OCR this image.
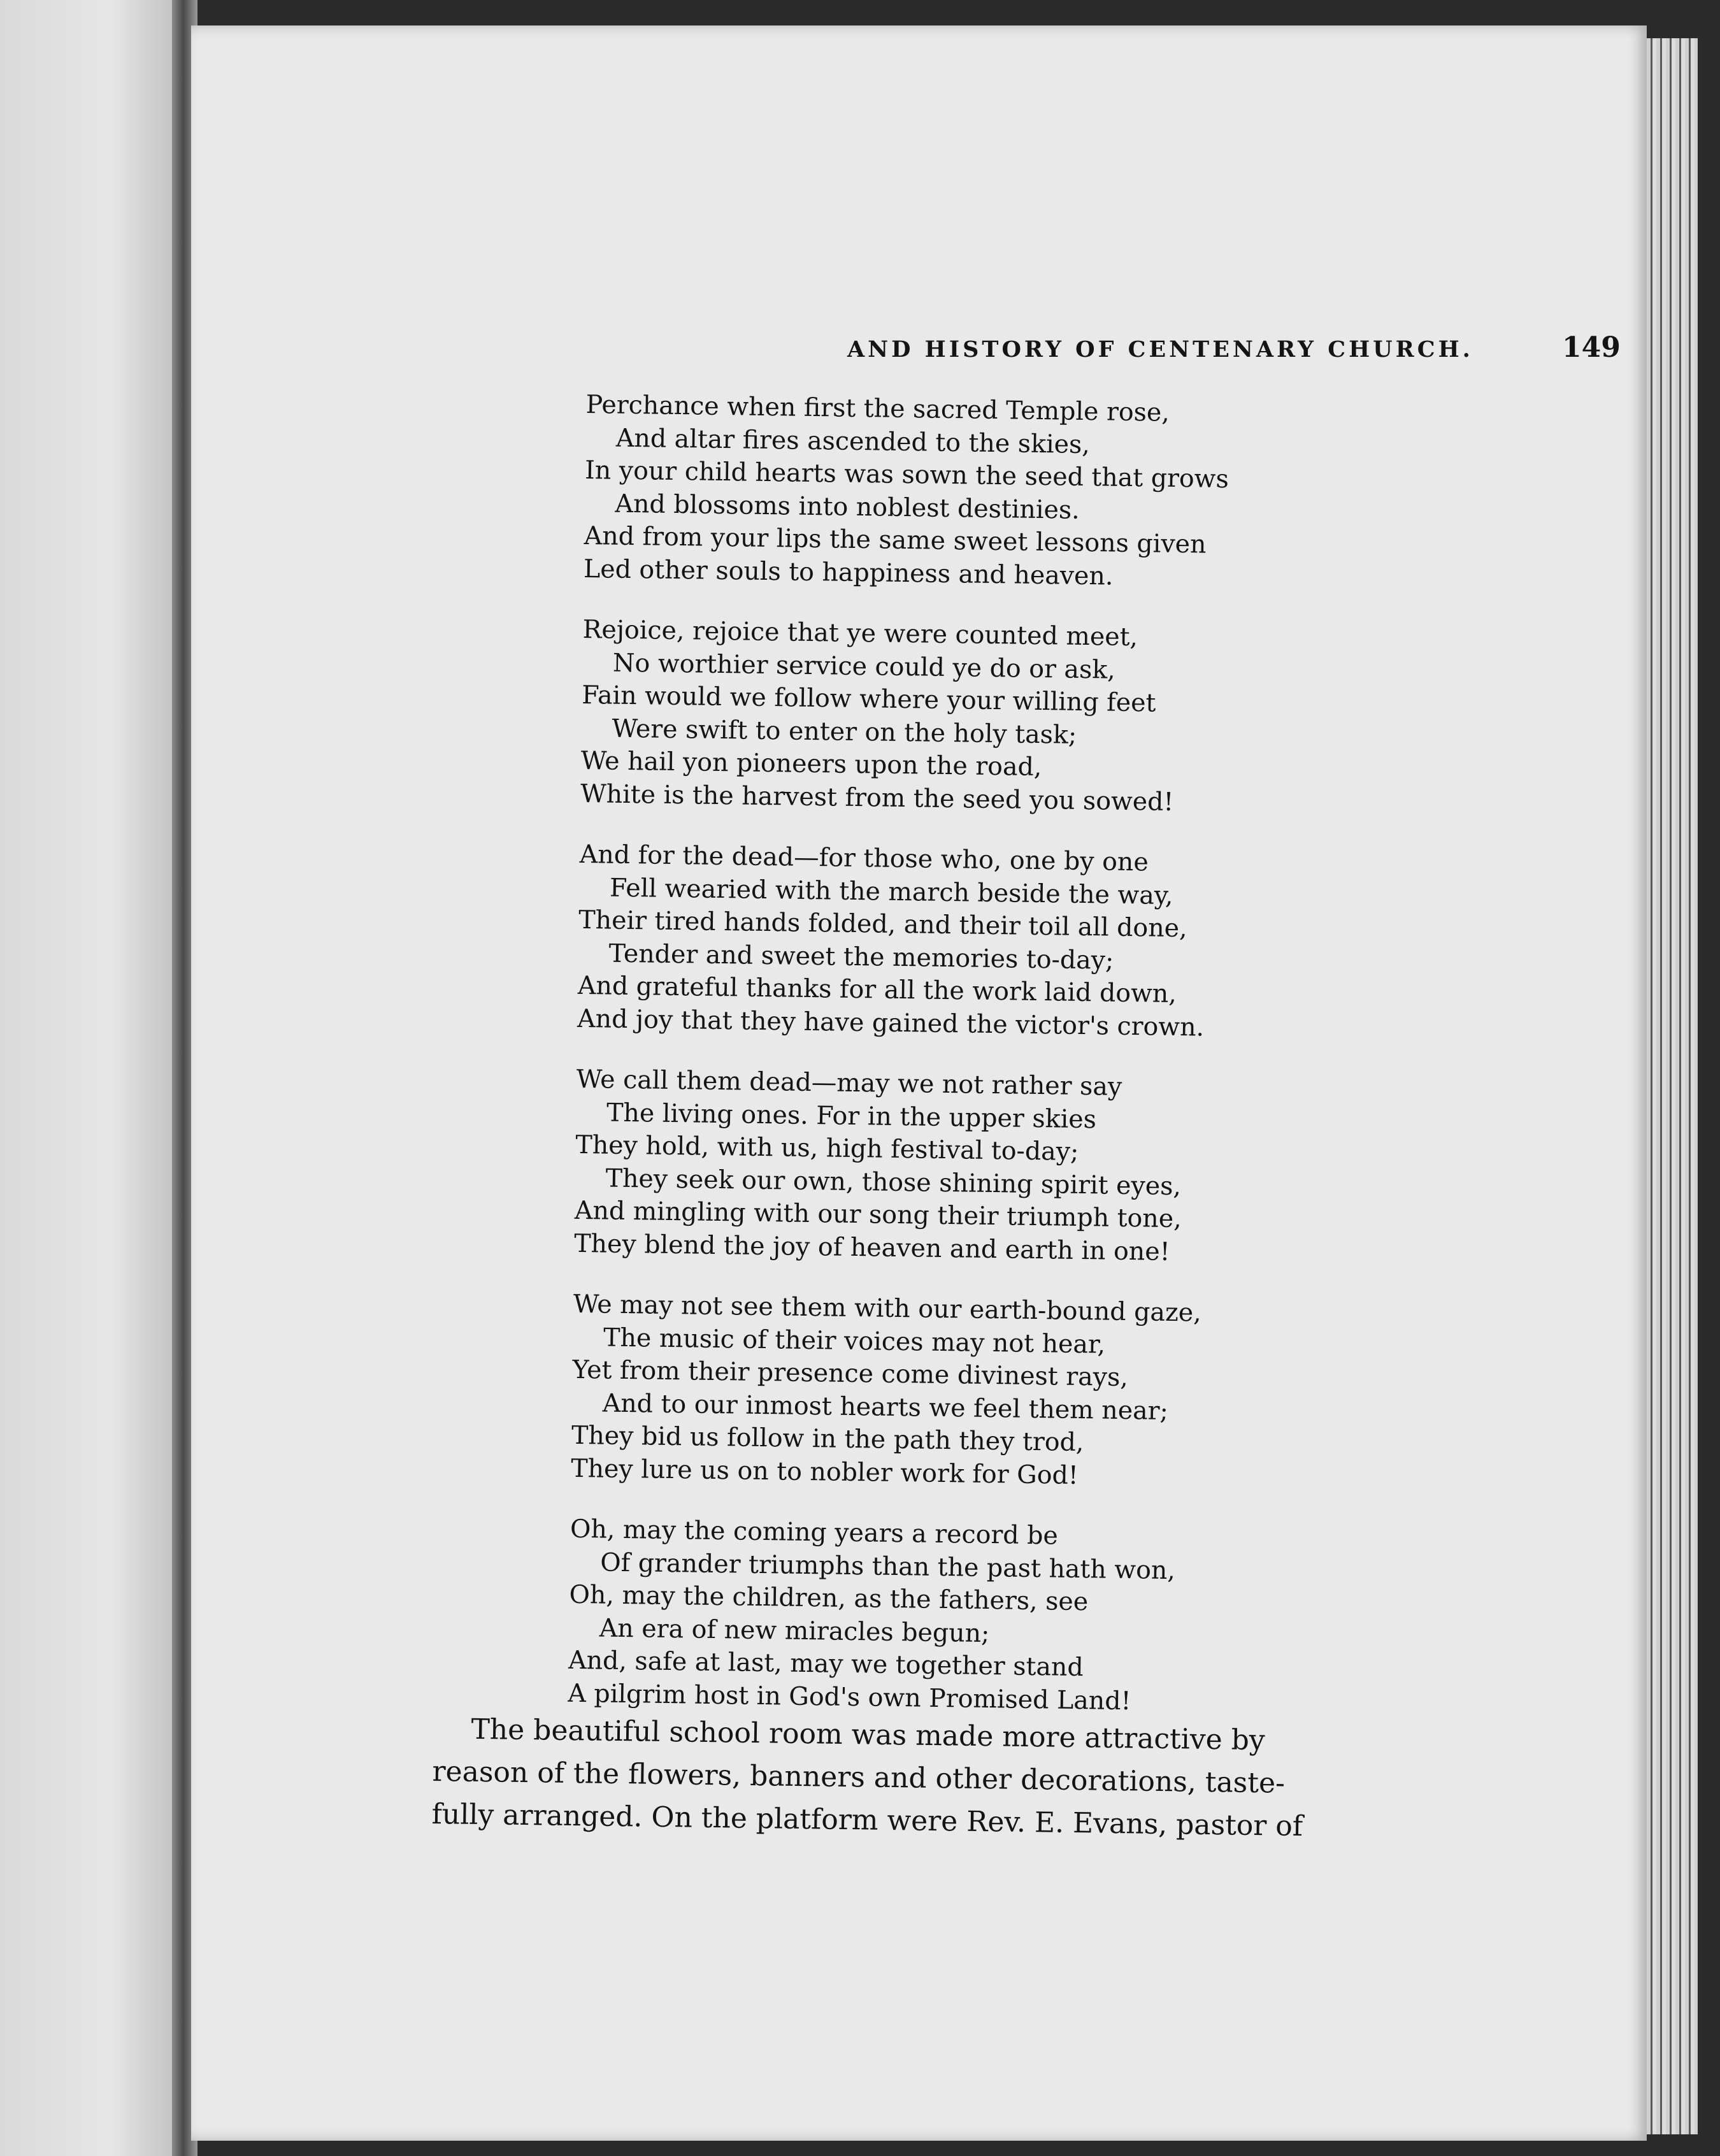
AND HISTORY OF CENTENARY CHURCH.	149
Perchance when first the sacred Temple rose,
And altar fires ascended to the skies,
In your child hearts was sown the seed that grows
And blossoms into noblest destinies.
And from your lips the same sweet lessons given
Led other souls to happiness and heaven.
Rejoice, rejoice that ye were counted meet,
No worthier service could ye do or ask,
Fain would we follow where your willing feet
Were swift to enter on the holy task;
We hail yon pioneers upon the road,
White is the harvest from the seed you sowed!
And for the dead—for those who, one by one
Fell wearied with the march beside the way,
Their tired hands folded, and their toil all done,
Tender and sweet the memories to-day;
And grateful thanks for all the work laid down,
And joy that they have gained the victor's crown.
We call them dead—may we not rather say
The living ones. For in the upper skies
They hold, with us, high festival to-day;
They seek our own, those shining spirit eyes,
And mingling with our song their triumph tone,
They blend the joy of heaven and earth in one!
We may not see them with our earth-bound gaze,
The music of their voices may not hear,
Yet from their presence come divinest rays,
And to our inmost hearts we feel them near;
They bid us follow in the path they trod,
They lure us on to nobler work for God!
Oh, may the coming years a record be
Of grander triumphs than the past hath won,
Oh, may the children, as the fathers, see
An era of new miracles begun;
And, safe at last, may we together stand
A pilgrim host in God's own Promised Land!
The beautiful school room was made more attractive by
reason of the flowers, banners and other decorations, taste-
fully arranged. On the platform were Rev. E. Evans, pastor of
